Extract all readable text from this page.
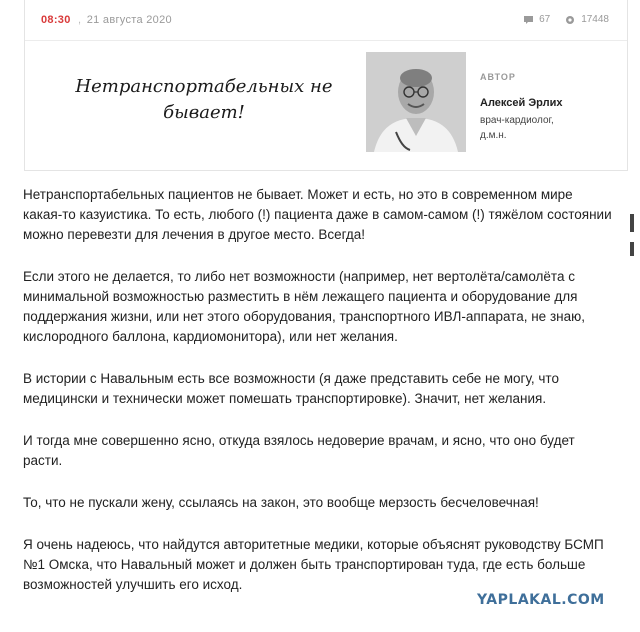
08:30 , 21 августа 2020	67	17448
Нетранспортабельных не бывает!
АВТОР
Алексей Эрлих
врач-кардиолог,
д.м.н.

Нетранспортабельных пациентов не бывает. Может и есть, но это в современном мире какая-то казуистика. То есть, любого (!) пациента даже в самом-самом (!) тяжёлом состоянии можно перевезти для лечения в другое место. Всегда!

Если этого не делается, то либо нет возможности (например, нет вертолёта/самолёта с минимальной возможностью разместить в нём лежащего пациента и оборудование для поддержания жизни, или нет этого оборудования, транспортного ИВЛ-аппарата, не знаю, кислородного баллона, кардиомонитора), или нет желания.

В истории с Навальным есть все возможности (я даже представить себе не могу, что медицински и технически может помешать транспортировке). Значит, нет желания.

И тогда мне совершенно ясно, откуда взялось недоверие врачам, и ясно, что оно будет расти.

То, что не пускали жену, ссылаясь на закон, это вообще мерзость бесчеловечная!

Я очень надеюсь, что найдутся авторитетные медики, которые объяснят руководству БСМП №1 Омска, что Навальный может и должен быть транспортирован туда, где есть больше возможностей улучшить его исход.

YAPLAKAL.COM
